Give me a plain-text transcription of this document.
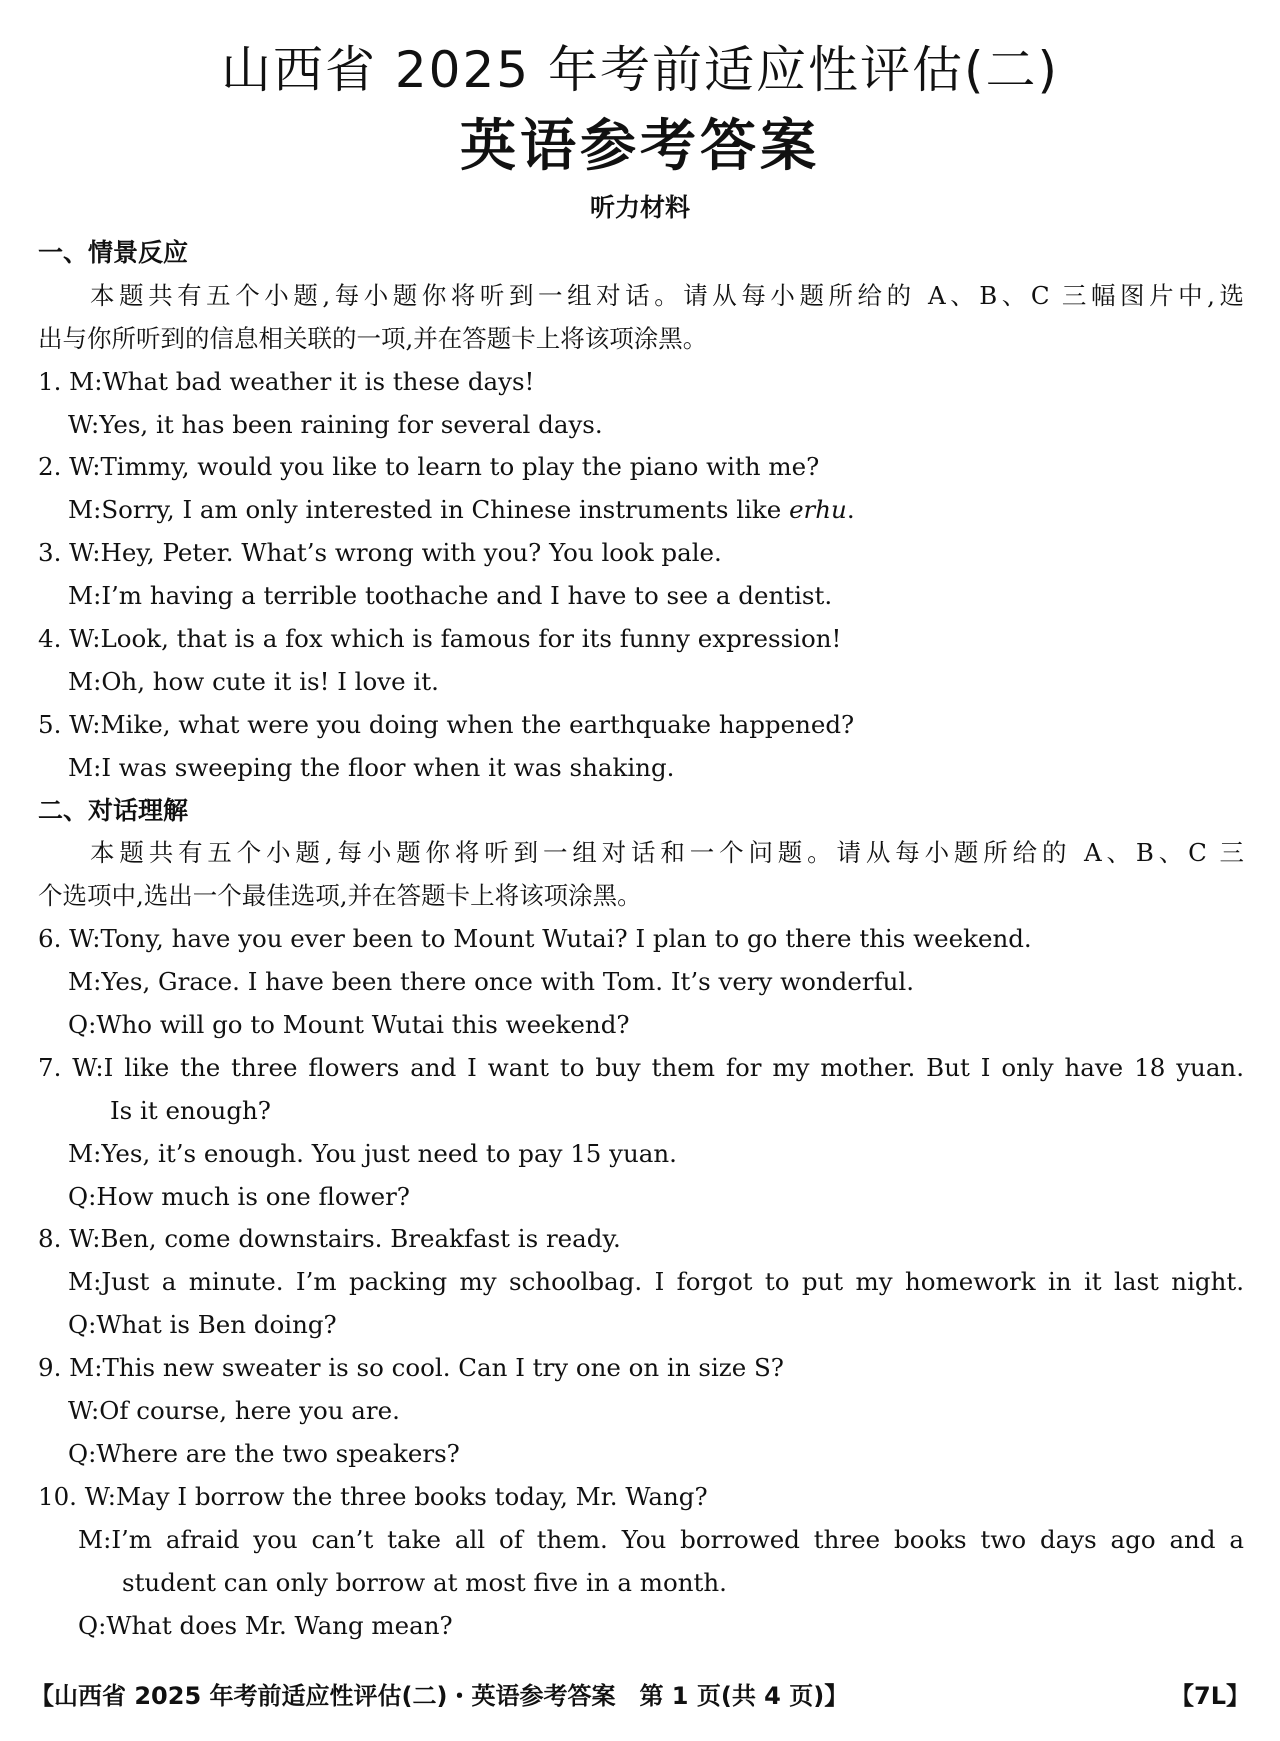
山西省 2025 年考前适应性评估(二)
英语参考答案
听力材料
一、情景反应
本题共有五个小题,每小题你将听到一组对话。请从每小题所给的 A、B、C 三幅图片中,选
出与你所听到的信息相关联的一项,并在答题卡上将该项涂黑。
1. M:What bad weather it is these days!
W:Yes, it has been raining for several days.
2. W:Timmy, would you like to learn to play the piano with me?
M:Sorry, I am only interested in Chinese instruments like erhu.
3. W:Hey, Peter. What’s wrong with you? You look pale.
M:I’m having a terrible toothache and I have to see a dentist.
4. W:Look, that is a fox which is famous for its funny expression!
M:Oh, how cute it is! I love it.
5. W:Mike, what were you doing when the earthquake happened?
M:I was sweeping the floor when it was shaking.
二、对话理解
本题共有五个小题,每小题你将听到一组对话和一个问题。请从每小题所给的 A、B、C 三
个选项中,选出一个最佳选项,并在答题卡上将该项涂黑。
6. W:Tony, have you ever been to Mount Wutai? I plan to go there this weekend.
M:Yes, Grace. I have been there once with Tom. It’s very wonderful.
Q:Who will go to Mount Wutai this weekend?
7. W:I like the three flowers and I want to buy them for my mother. But I only have 18 yuan.
Is it enough?
M:Yes, it’s enough. You just need to pay 15 yuan.
Q:How much is one flower?
8. W:Ben, come downstairs. Breakfast is ready.
M:Just a minute. I’m packing my schoolbag. I forgot to put my homework in it last night.
Q:What is Ben doing?
9. M:This new sweater is so cool. Can I try one on in size S?
W:Of course, here you are.
Q:Where are the two speakers?
10. W:May I borrow the three books today, Mr. Wang?
M:I’m afraid you can’t take all of them. You borrowed three books two days ago and a
student can only borrow at most five in a month.
Q:What does Mr. Wang mean?
【山西省 2025 年考前适应性评估(二)・英语参考答案　第 1 页(共 4 页)】	【7L】
